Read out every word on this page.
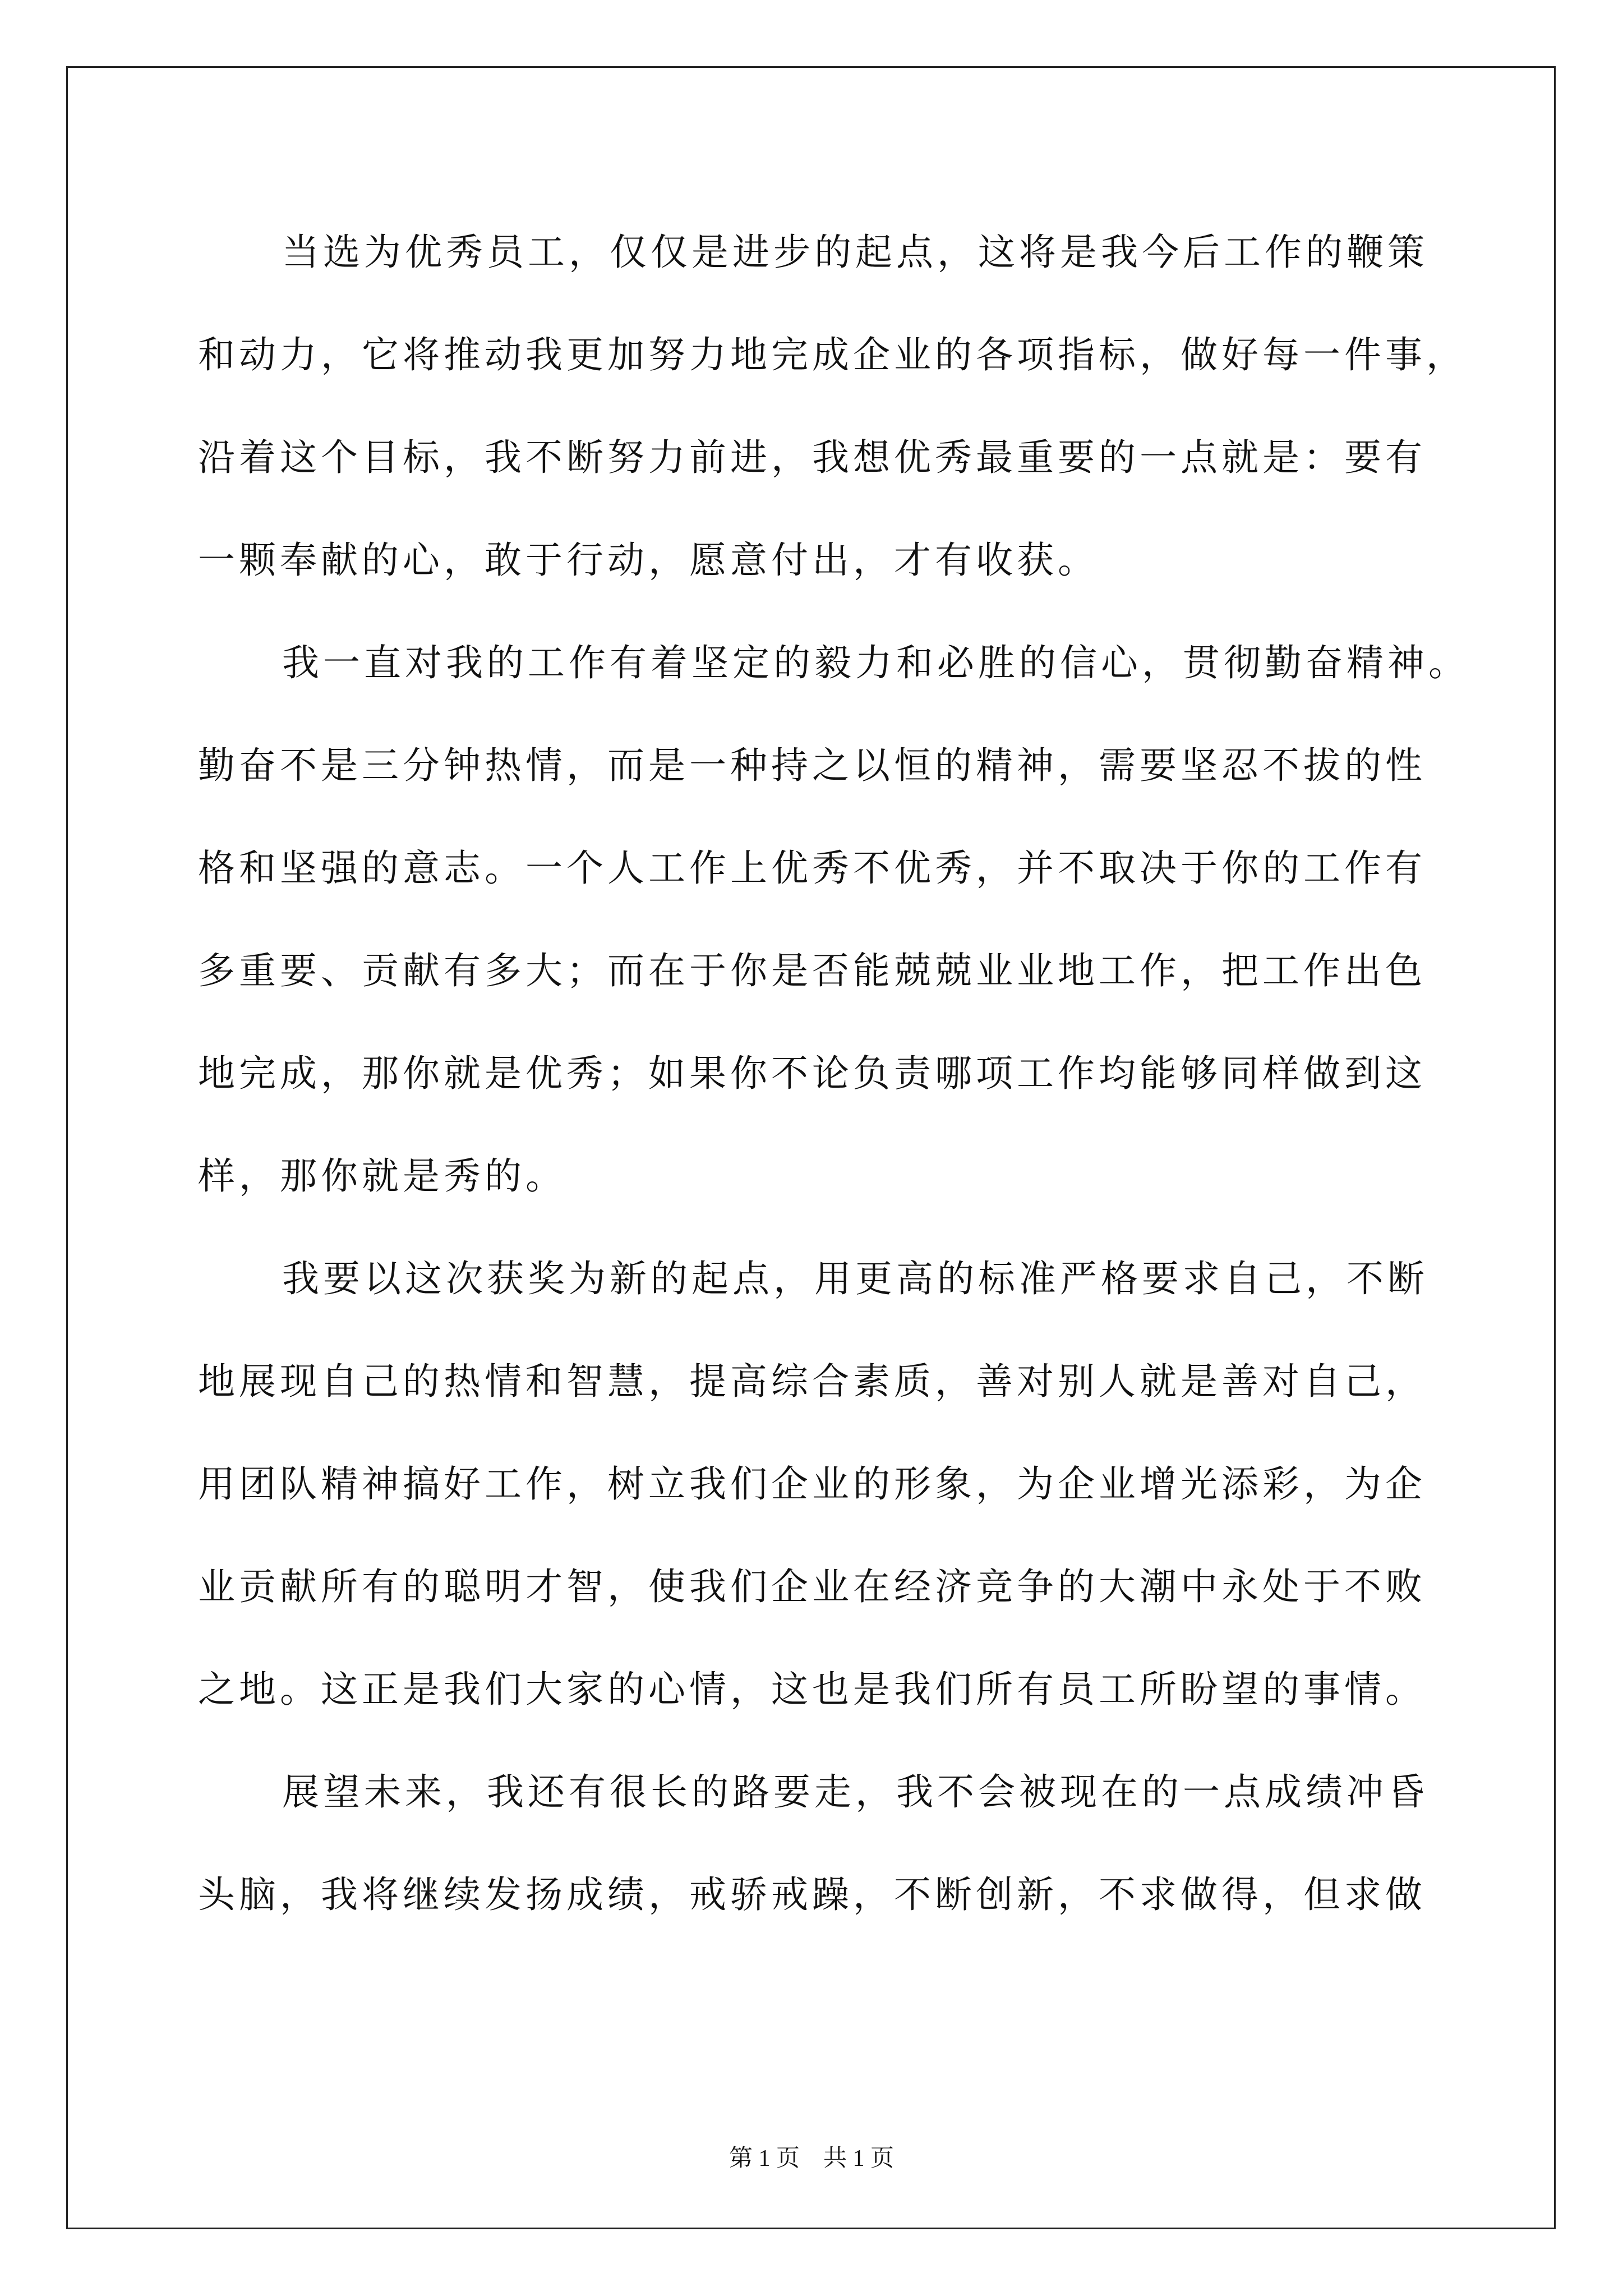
当选为优秀员工，仅仅是进步的起点，这将是我今后工作的鞭策
和动力，它将推动我更加努力地完成企业的各项指标，做好每一件事，
沿着这个目标，我不断努力前进，我想优秀最重要的一点就是：要有
一颗奉献的心，敢于行动，愿意付出，才有收获。
我一直对我的工作有着坚定的毅力和必胜的信心，贯彻勤奋精神。
勤奋不是三分钟热情，而是一种持之以恒的精神，需要坚忍不拔的性
格和坚强的意志。一个人工作上优秀不优秀，并不取决于你的工作有
多重要、贡献有多大；而在于你是否能兢兢业业地工作，把工作出色
地完成，那你就是优秀；如果你不论负责哪项工作均能够同样做到这
样，那你就是秀的。
我要以这次获奖为新的起点，用更高的标准严格要求自己，不断
地展现自己的热情和智慧，提高综合素质，善对别人就是善对自己，
用团队精神搞好工作，树立我们企业的形象，为企业增光添彩，为企
业贡献所有的聪明才智，使我们企业在经济竞争的大潮中永处于不败
之地。这正是我们大家的心情，这也是我们所有员工所盼望的事情。
展望未来，我还有很长的路要走，我不会被现在的一点成绩冲昏
头脑，我将继续发扬成绩，戒骄戒躁，不断创新，不求做得，但求做
第 1 页    共 1 页
